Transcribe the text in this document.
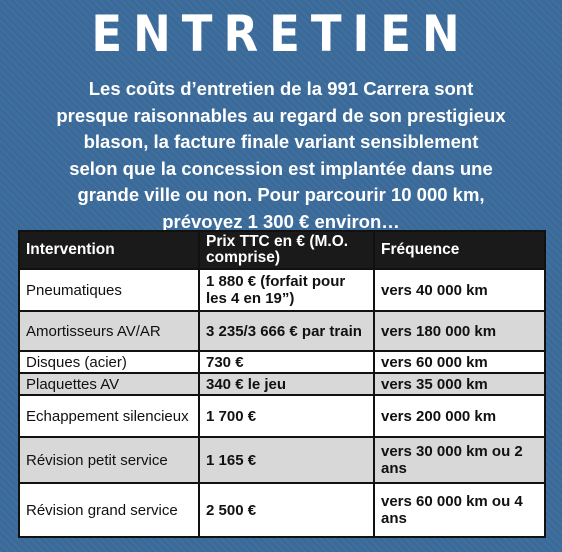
ENTRETIEN
Les coûts d’entretien de la 991 Carrera sont
presque raisonnables au regard de son prestigieux
blason, la facture finale variant sensiblement
selon que la concession est implantée dans une
grande ville ou non. Pour parcourir 10 000 km,
prévoyez 1 300 € environ…
Intervention	Prix TTC en € (M.O. comprise)	Fréquence
Pneumatiques	1 880 € (forfait pour les 4 en 19”)	vers 40 000 km
Amortisseurs AV/AR	3 235/3 666 € par train	vers 180 000 km
Disques (acier)	730 €	vers 60 000 km
Plaquettes AV	340 € le jeu	vers 35 000 km
Echappement silencieux	1 700 €	vers 200 000 km
Révision petit service	1 165 €	vers 30 000 km ou 2 ans
Révision grand service	2 500 €	vers 60 000 km ou 4 ans
